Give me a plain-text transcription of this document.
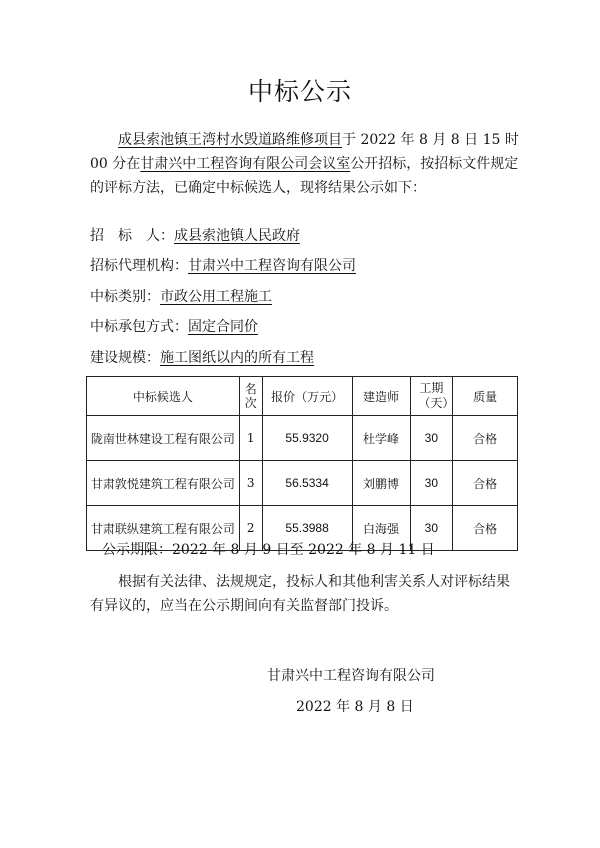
中标公示
成县索池镇王湾村水毁道路维修项目于 2022 年 8 月 8 日 15 时
00 分在甘肃兴中工程咨询有限公司会议室公开招标，按招标文件规定
的评标方法，已确定中标候选人，现将结果公示如下：
招　标　人：成县索池镇人民政府
招标代理机构：甘肃兴中工程咨询有限公司
中标类别：市政公用工程施工
中标承包方式：固定合同价
建设规模：施工图纸以内的所有工程
中标候选人	名次	报价（万元）	建造师	工期（天）	质量
陇南世林建设工程有限公司	1	55.9320	杜学峰	30	合格
甘肃敦悦建筑工程有限公司	3	56.5334	刘鹏博	30	合格
甘肃联纵建筑工程有限公司	2	55.3988	白海强	30	合格
公示期限：2022 年 8 月 9 日至 2022 年 8 月 11 日
根据有关法律、法规规定，投标人和其他利害关系人对评标结果
有异议的，应当在公示期间向有关监督部门投诉。
甘肃兴中工程咨询有限公司
2022 年 8 月 8 日
